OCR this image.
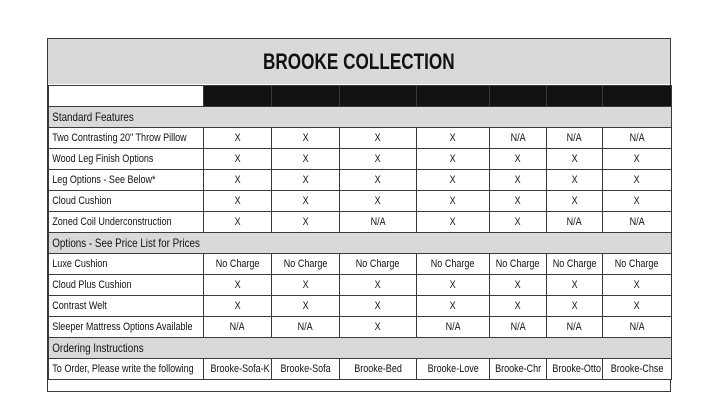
BROOKE COLLECTION
	Sofa K	Sofa	Queen Sleeper	Loveseat	Chair	Ottoman	Chaise
Standard Features							
Two Contrasting 20" Throw Pillow	X	X	X	X	N/A	N/A	N/A
Wood Leg Finish Options	X	X	X	X	X	X	X
Leg Options - See Below*	X	X	X	X	X	X	X
Cloud Cushion	X	X	X	X	X	X	X
Zoned Coil Underconstruction	X	X	N/A	X	X	N/A	N/A
Options - See Price List for Prices							
Luxe Cushion	No Charge	No Charge	No Charge	No Charge	No Charge	No Charge	No Charge
Cloud Plus Cushion	X	X	X	X	X	X	X
Contrast Welt	X	X	X	X	X	X	X
Sleeper Mattress Options Available	N/A	N/A	X	N/A	N/A	N/A	N/A
Ordering Instructions							
To Order, Please write the following	Brooke-Sofa-K	Brooke-Sofa	Brooke-Bed	Brooke-Love	Brooke-Chr	Brooke-Otto	Brooke-Chse
